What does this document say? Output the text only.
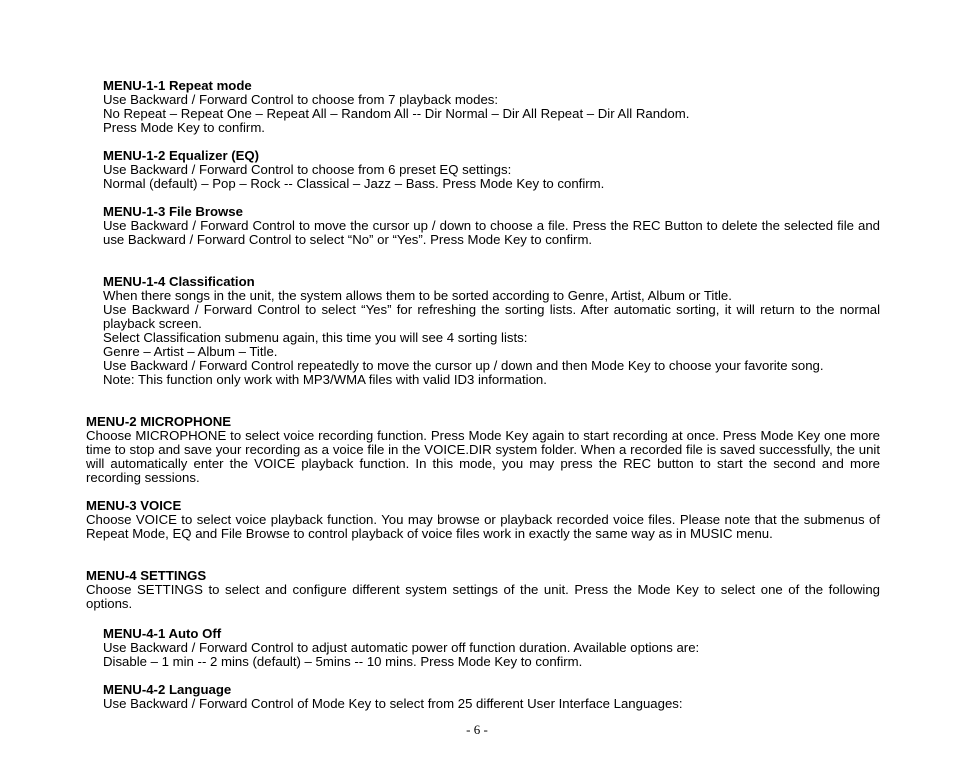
MENU-1-1 Repeat mode
Use Backward / Forward Control to choose from 7 playback modes:
No Repeat – Repeat One – Repeat All – Random All -- Dir Normal – Dir All Repeat – Dir All Random.
Press Mode Key to confirm.
MENU-1-2 Equalizer (EQ)
Use Backward / Forward Control to choose from 6 preset EQ settings:
Normal (default) – Pop – Rock -- Classical – Jazz – Bass. Press Mode Key to confirm.
MENU-1-3 File Browse
Use Backward / Forward Control to move the cursor up / down to choose a file. Press the REC Button to delete the selected file and use Backward / Forward Control to select “No” or “Yes”. Press Mode Key to confirm.
MENU-1-4 Classification
When there songs in the unit, the system allows them to be sorted according to Genre, Artist, Album or Title.
Use Backward / Forward Control to select “Yes” for refreshing the sorting lists. After automatic sorting, it will return to the normal playback screen.
Select Classification submenu again, this time you will see 4 sorting lists:
Genre – Artist – Album – Title.
Use Backward / Forward Control repeatedly to move the cursor up / down and then Mode Key to choose your favorite song.
Note: This function only work with MP3/WMA files with valid ID3 information.
MENU-2 MICROPHONE
Choose MICROPHONE to select voice recording function. Press Mode Key again to start recording at once. Press Mode Key one more time to stop and save your recording as a voice file in the VOICE.DIR system folder. When a recorded file is saved successfully, the unit will automatically enter the VOICE playback function. In this mode, you may press the REC button to start the second and more recording sessions.
MENU-3 VOICE
Choose VOICE to select voice playback function. You may browse or playback recorded voice files. Please note that the submenus of Repeat Mode, EQ and File Browse to control playback of voice files work in exactly the same way as in MUSIC menu.
MENU-4 SETTINGS
Choose SETTINGS to select and configure different system settings of the unit. Press the Mode Key to select one of the following options.
MENU-4-1 Auto Off
Use Backward / Forward Control to adjust automatic power off function duration. Available options are:
Disable – 1 min -- 2 mins (default) – 5mins -- 10 mins. Press Mode Key to confirm.
MENU-4-2 Language
Use Backward / Forward Control of Mode Key to select from 25 different User Interface Languages:
- 6 -
